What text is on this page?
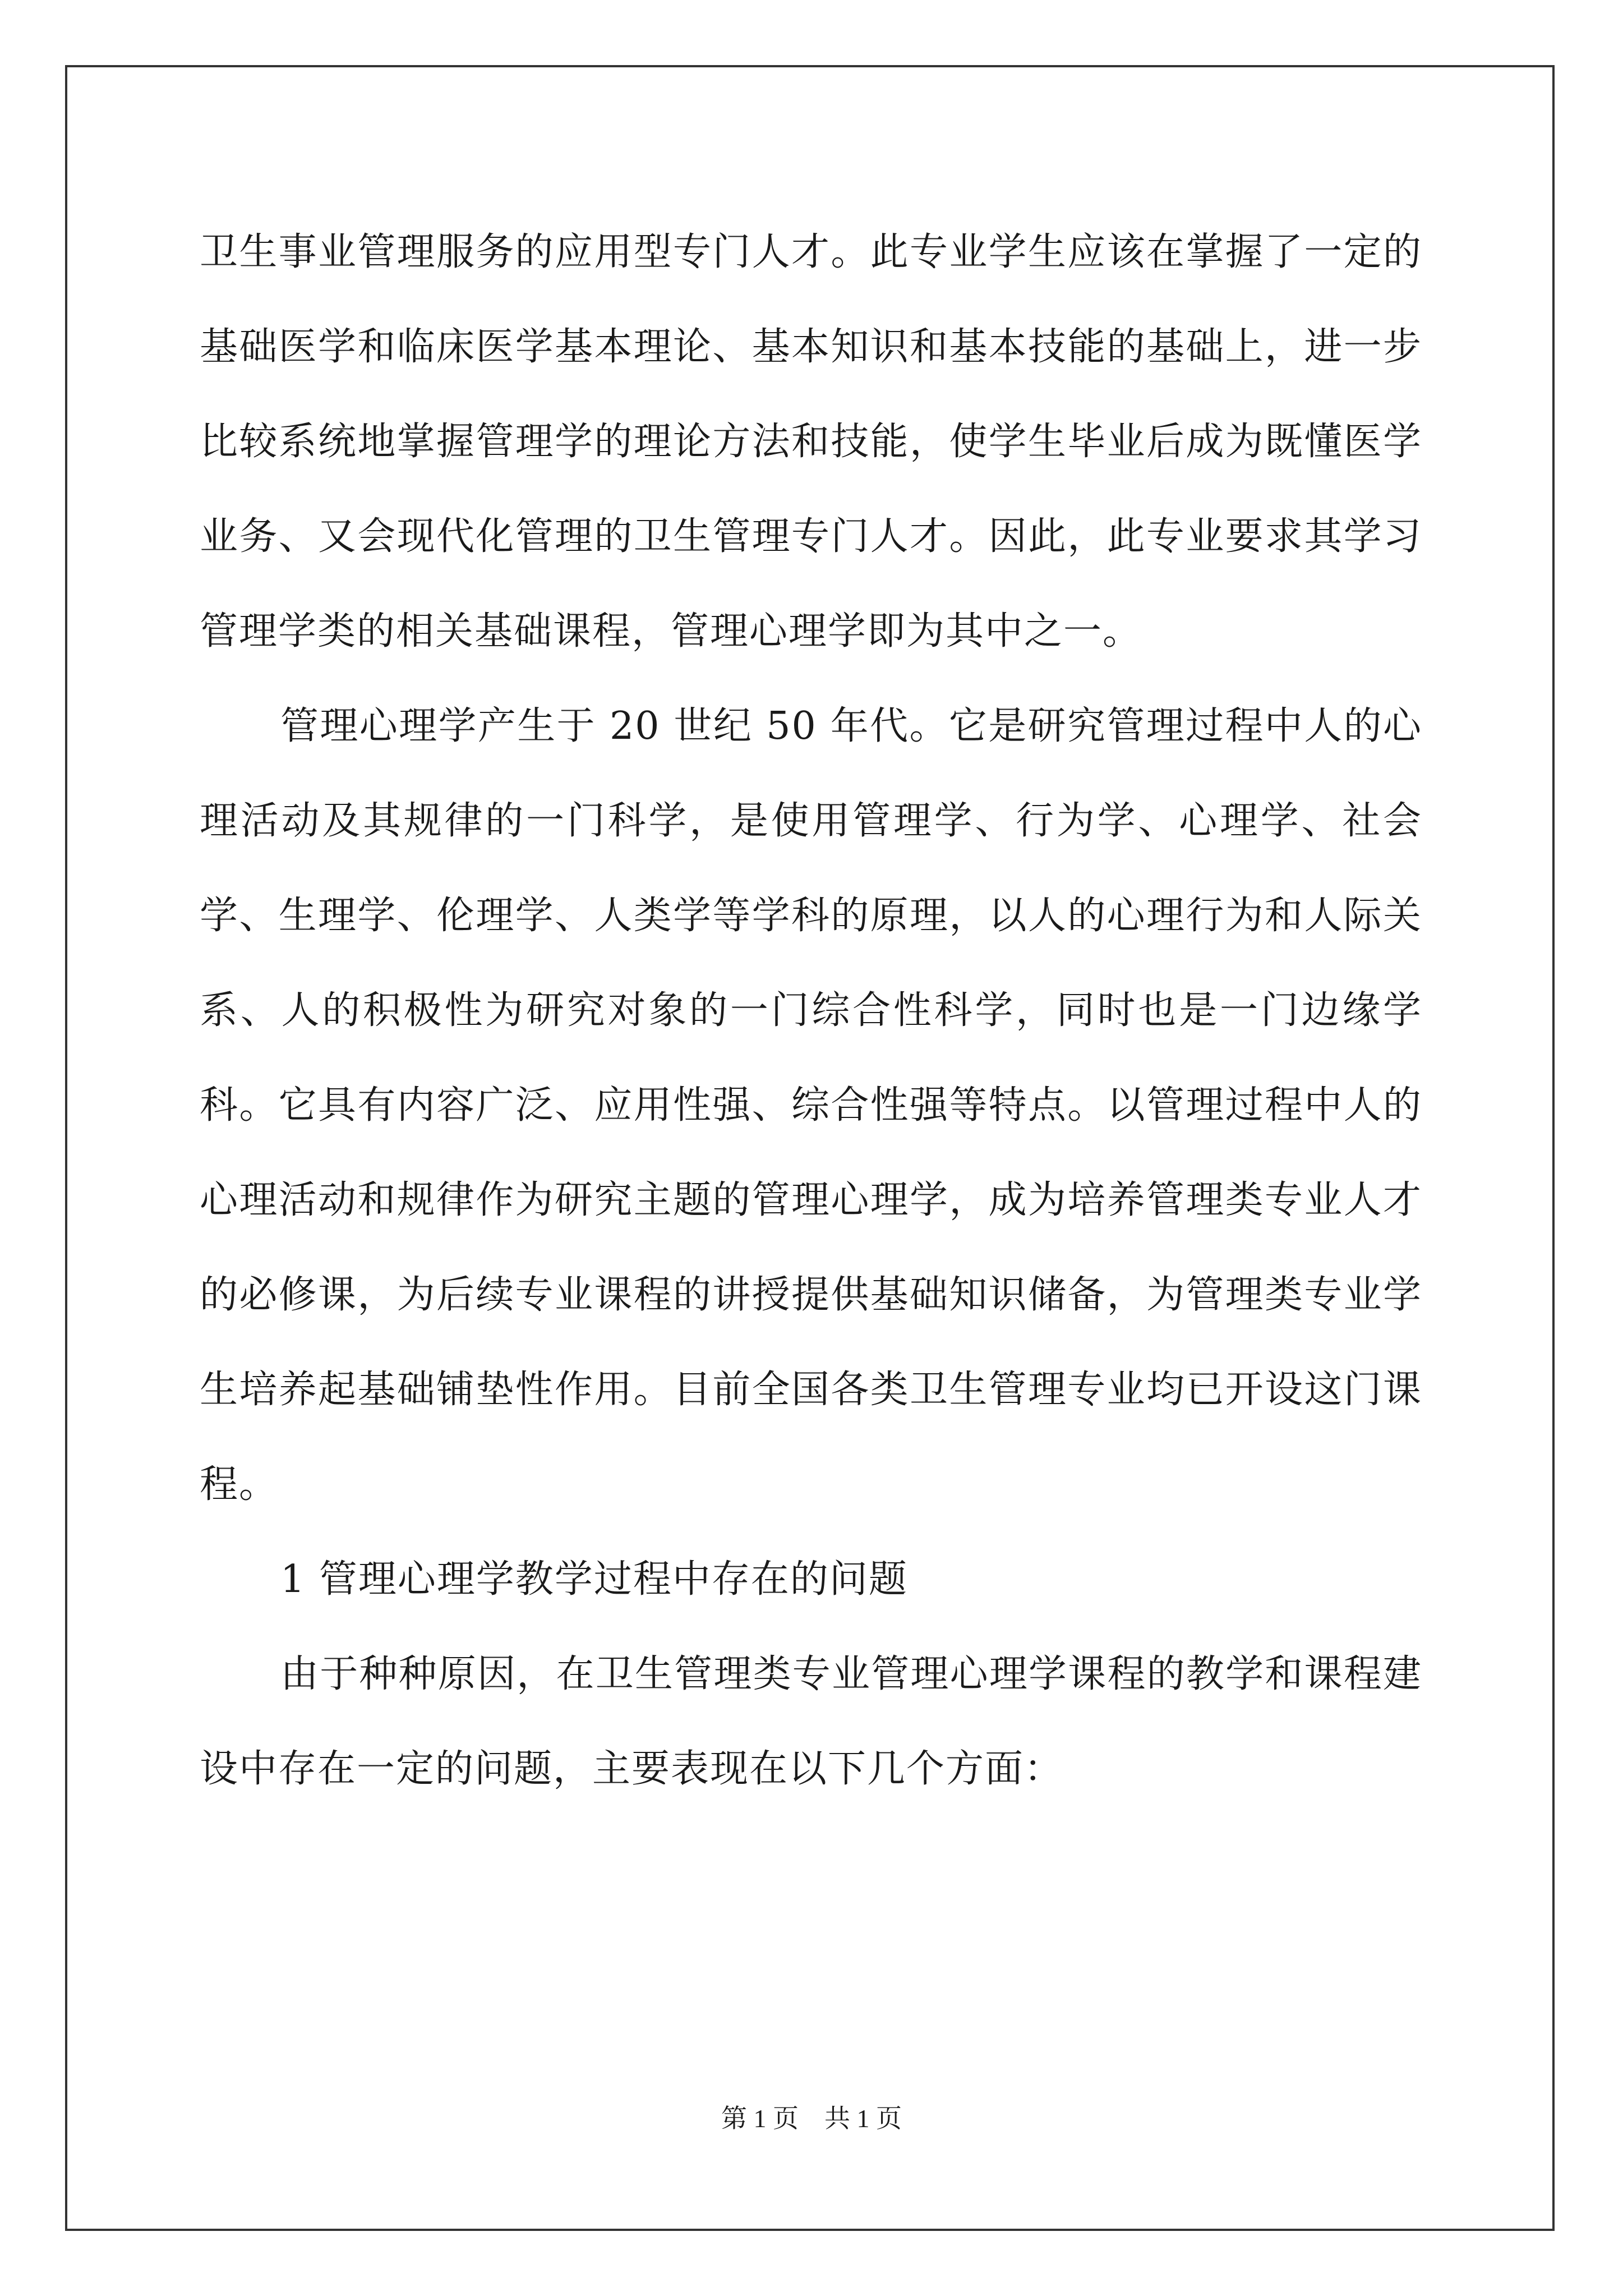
卫生事业管理服务的应用型专门人才。此专业学生应该在掌握了一定的基础医学和临床医学基本理论、基本知识和基本技能的基础上，进一步比较系统地掌握管理学的理论方法和技能，使学生毕业后成为既懂医学业务、又会现代化管理的卫生管理专门人才。因此，此专业要求其学习管理学类的相关基础课程，管理心理学即为其中之一。

管理心理学产生于 20 世纪 50 年代。它是研究管理过程中人的心理活动及其规律的一门科学，是使用管理学、行为学、心理学、社会学、生理学、伦理学、人类学等学科的原理，以人的心理行为和人际关系、人的积极性为研究对象的一门综合性科学，同时也是一门边缘学科。它具有内容广泛、应用性强、综合性强等特点。以管理过程中人的心理活动和规律作为研究主题的管理心理学，成为培养管理类专业人才的必修课，为后续专业课程的讲授提供基础知识储备，为管理类专业学生培养起基础铺垫性作用。目前全国各类卫生管理专业均已开设这门课程。

1 管理心理学教学过程中存在的问题

由于种种原因，在卫生管理类专业管理心理学课程的教学和课程建设中存在一定的问题，主要表现在以下几个方面：

第 1 页    共 1 页
